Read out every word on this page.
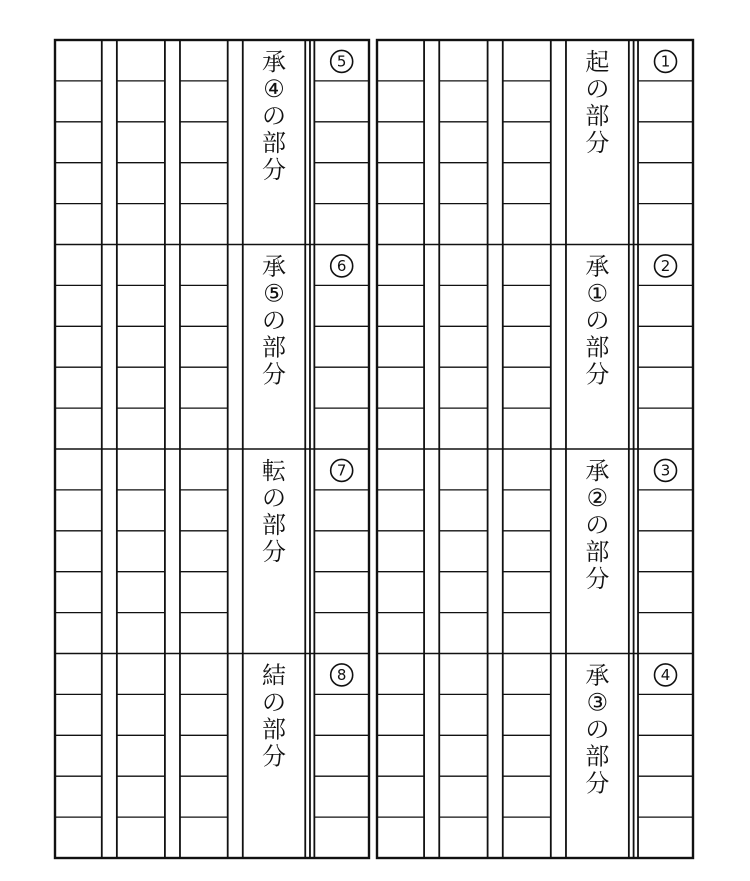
5
承
④
の
部
分
6
承
⑤
の
部
分
7
転
の
部
分
8
結
の
部
分
1
起
の
部
分
2
承
①
の
部
分
3
承
②
の
部
分
4
承
③
の
部
分
